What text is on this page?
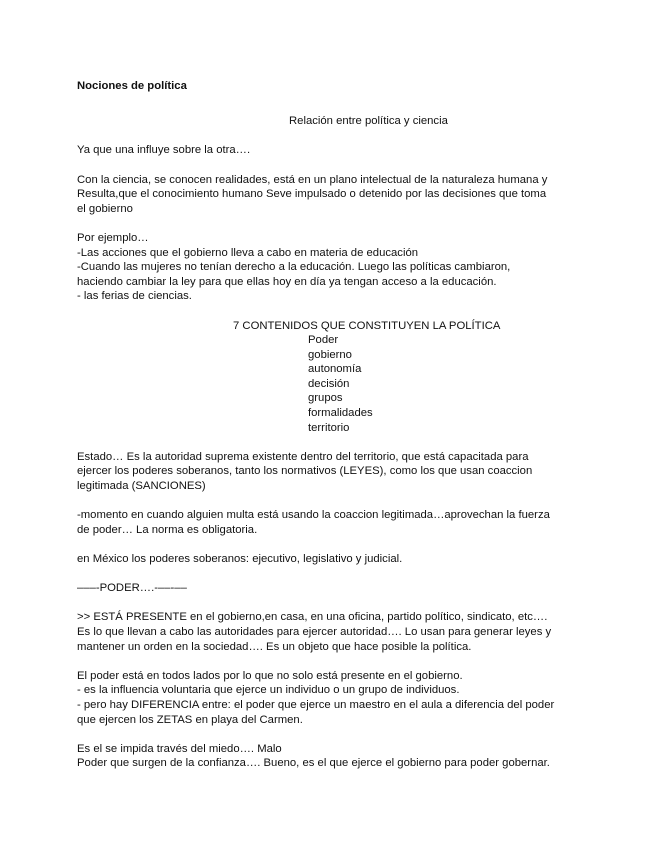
Nociones de política
Relación entre política y ciencia
Ya que una influye sobre la otra….
Con la ciencia, se conocen realidades, está en un plano intelectual de la naturaleza humana y
Resulta,que el conocimiento humano Seve impulsado o detenido por las decisiones que toma
el gobierno
Por ejemplo…
-Las acciones que el gobierno lleva a cabo en materia de educación
-Cuando las mujeres no tenían derecho a la educación. Luego las políticas cambiaron,
haciendo cambiar la ley para que ellas hoy en día ya tengan acceso a la educación.
- las ferias de ciencias.
7 CONTENIDOS QUE CONSTITUYEN LA POLÍTICA
Poder
gobierno
autonomía
decisión
grupos
formalidades
territorio
Estado… Es la autoridad suprema existente dentro del territorio, que está capacitada para
ejercer los poderes soberanos, tanto los normativos (LEYES), como los que usan coaccion
legitimada (SANCIONES)
-momento en cuando alguien multa está usando la coaccion legitimada…aprovechan la fuerza
de poder… La norma es obligatoria.
en México los poderes soberanos: ejecutivo, legislativo y judicial.
–––-PODER….-––-––
>> ESTÁ PRESENTE en el gobierno,en casa, en una oficina, partido político, sindicato, etc….
Es lo que llevan a cabo las autoridades para ejercer autoridad…. Lo usan para generar leyes y
mantener un orden en la sociedad…. Es un objeto que hace posible la política.
El poder está en todos lados por lo que no solo está presente en el gobierno.
- es la influencia voluntaria que ejerce un individuo o un grupo de individuos.
- pero hay DIFERENCIA entre: el poder que ejerce un maestro en el aula a diferencia del poder
que ejercen los ZETAS en playa del Carmen.
Es el se impida través del miedo…. Malo
Poder que surgen de la confianza…. Bueno, es el que ejerce el gobierno para poder gobernar.
